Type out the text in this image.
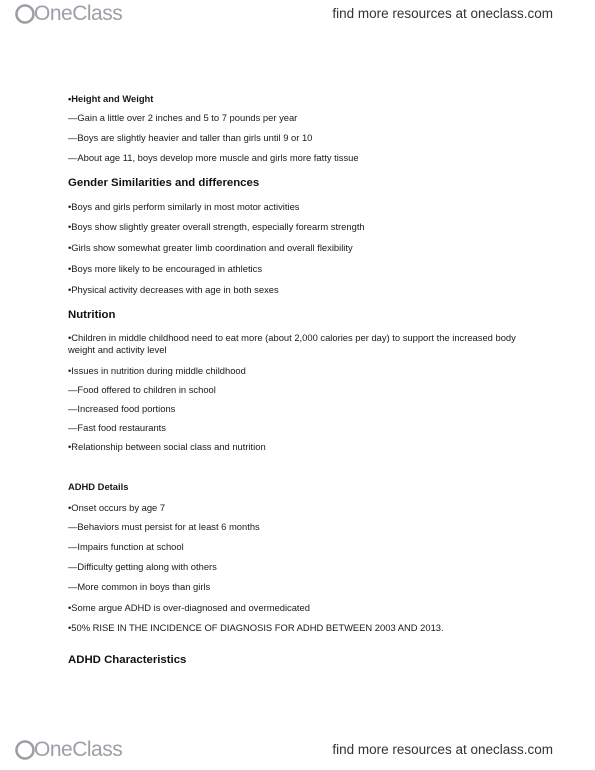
OneClass	find more resources at oneclass.com
•Height and Weight
—Gain a little over 2 inches and 5 to 7 pounds per year
—Boys are slightly heavier and taller than girls until 9 or 10
—About age 11, boys develop more muscle and girls more fatty tissue
Gender Similarities and differences
•Boys and girls perform similarly in most motor activities
•Boys show slightly greater overall strength, especially forearm strength
•Girls show somewhat greater limb coordination and overall flexibility
•Boys more likely to be encouraged in athletics
•Physical activity decreases with age in both sexes
Nutrition
•Children in middle childhood need to eat more (about 2,000 calories per day) to support the increased body weight and activity level
•Issues in nutrition during middle childhood
—Food offered to children in school
—Increased food portions
—Fast food restaurants
•Relationship between social class and nutrition
ADHD Details
•Onset occurs by age 7
—Behaviors must persist for at least 6 months
—Impairs function at school
—Difficulty getting along with others
—More common in boys than girls
•Some argue ADHD is over-diagnosed and overmedicated
•50% RISE IN THE INCIDENCE OF DIAGNOSIS FOR ADHD BETWEEN 2003 AND 2013.
ADHD Characteristics
OneClass	find more resources at oneclass.com
